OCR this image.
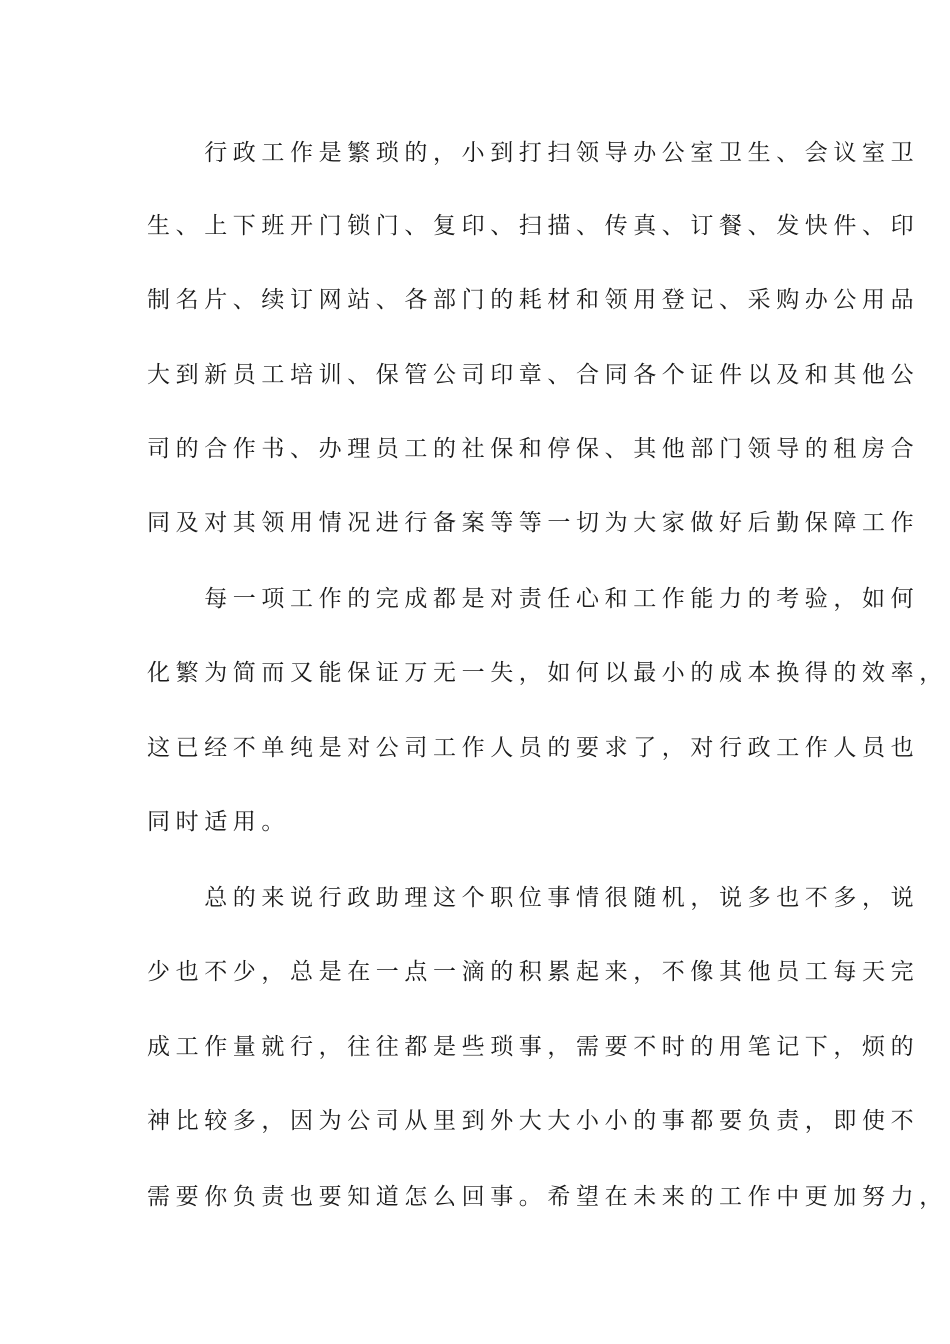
　　行政工作是繁琐的，小到打扫领导办公室卫生、会议室卫
生、上下班开门锁门、复印、扫描、传真、订餐、发快件、印
制名片、续订网站、各部门的耗材和领用登记、采购办公用品
大到新员工培训、保管公司印章、合同各个证件以及和其他公
司的合作书、办理员工的社保和停保、其他部门领导的租房合
同及对其领用情况进行备案等等一切为大家做好后勤保障工作
　　每一项工作的完成都是对责任心和工作能力的考验，如何
化繁为简而又能保证万无一失，如何以最小的成本换得的效率，
这已经不单纯是对公司工作人员的要求了，对行政工作人员也
同时适用。
　　总的来说行政助理这个职位事情很随机，说多也不多，说
少也不少，总是在一点一滴的积累起来，不像其他员工每天完
成工作量就行，往往都是些琐事，需要不时的用笔记下，烦的
神比较多，因为公司从里到外大大小小的事都要负责，即使不
需要你负责也要知道怎么回事。希望在未来的工作中更加努力，
